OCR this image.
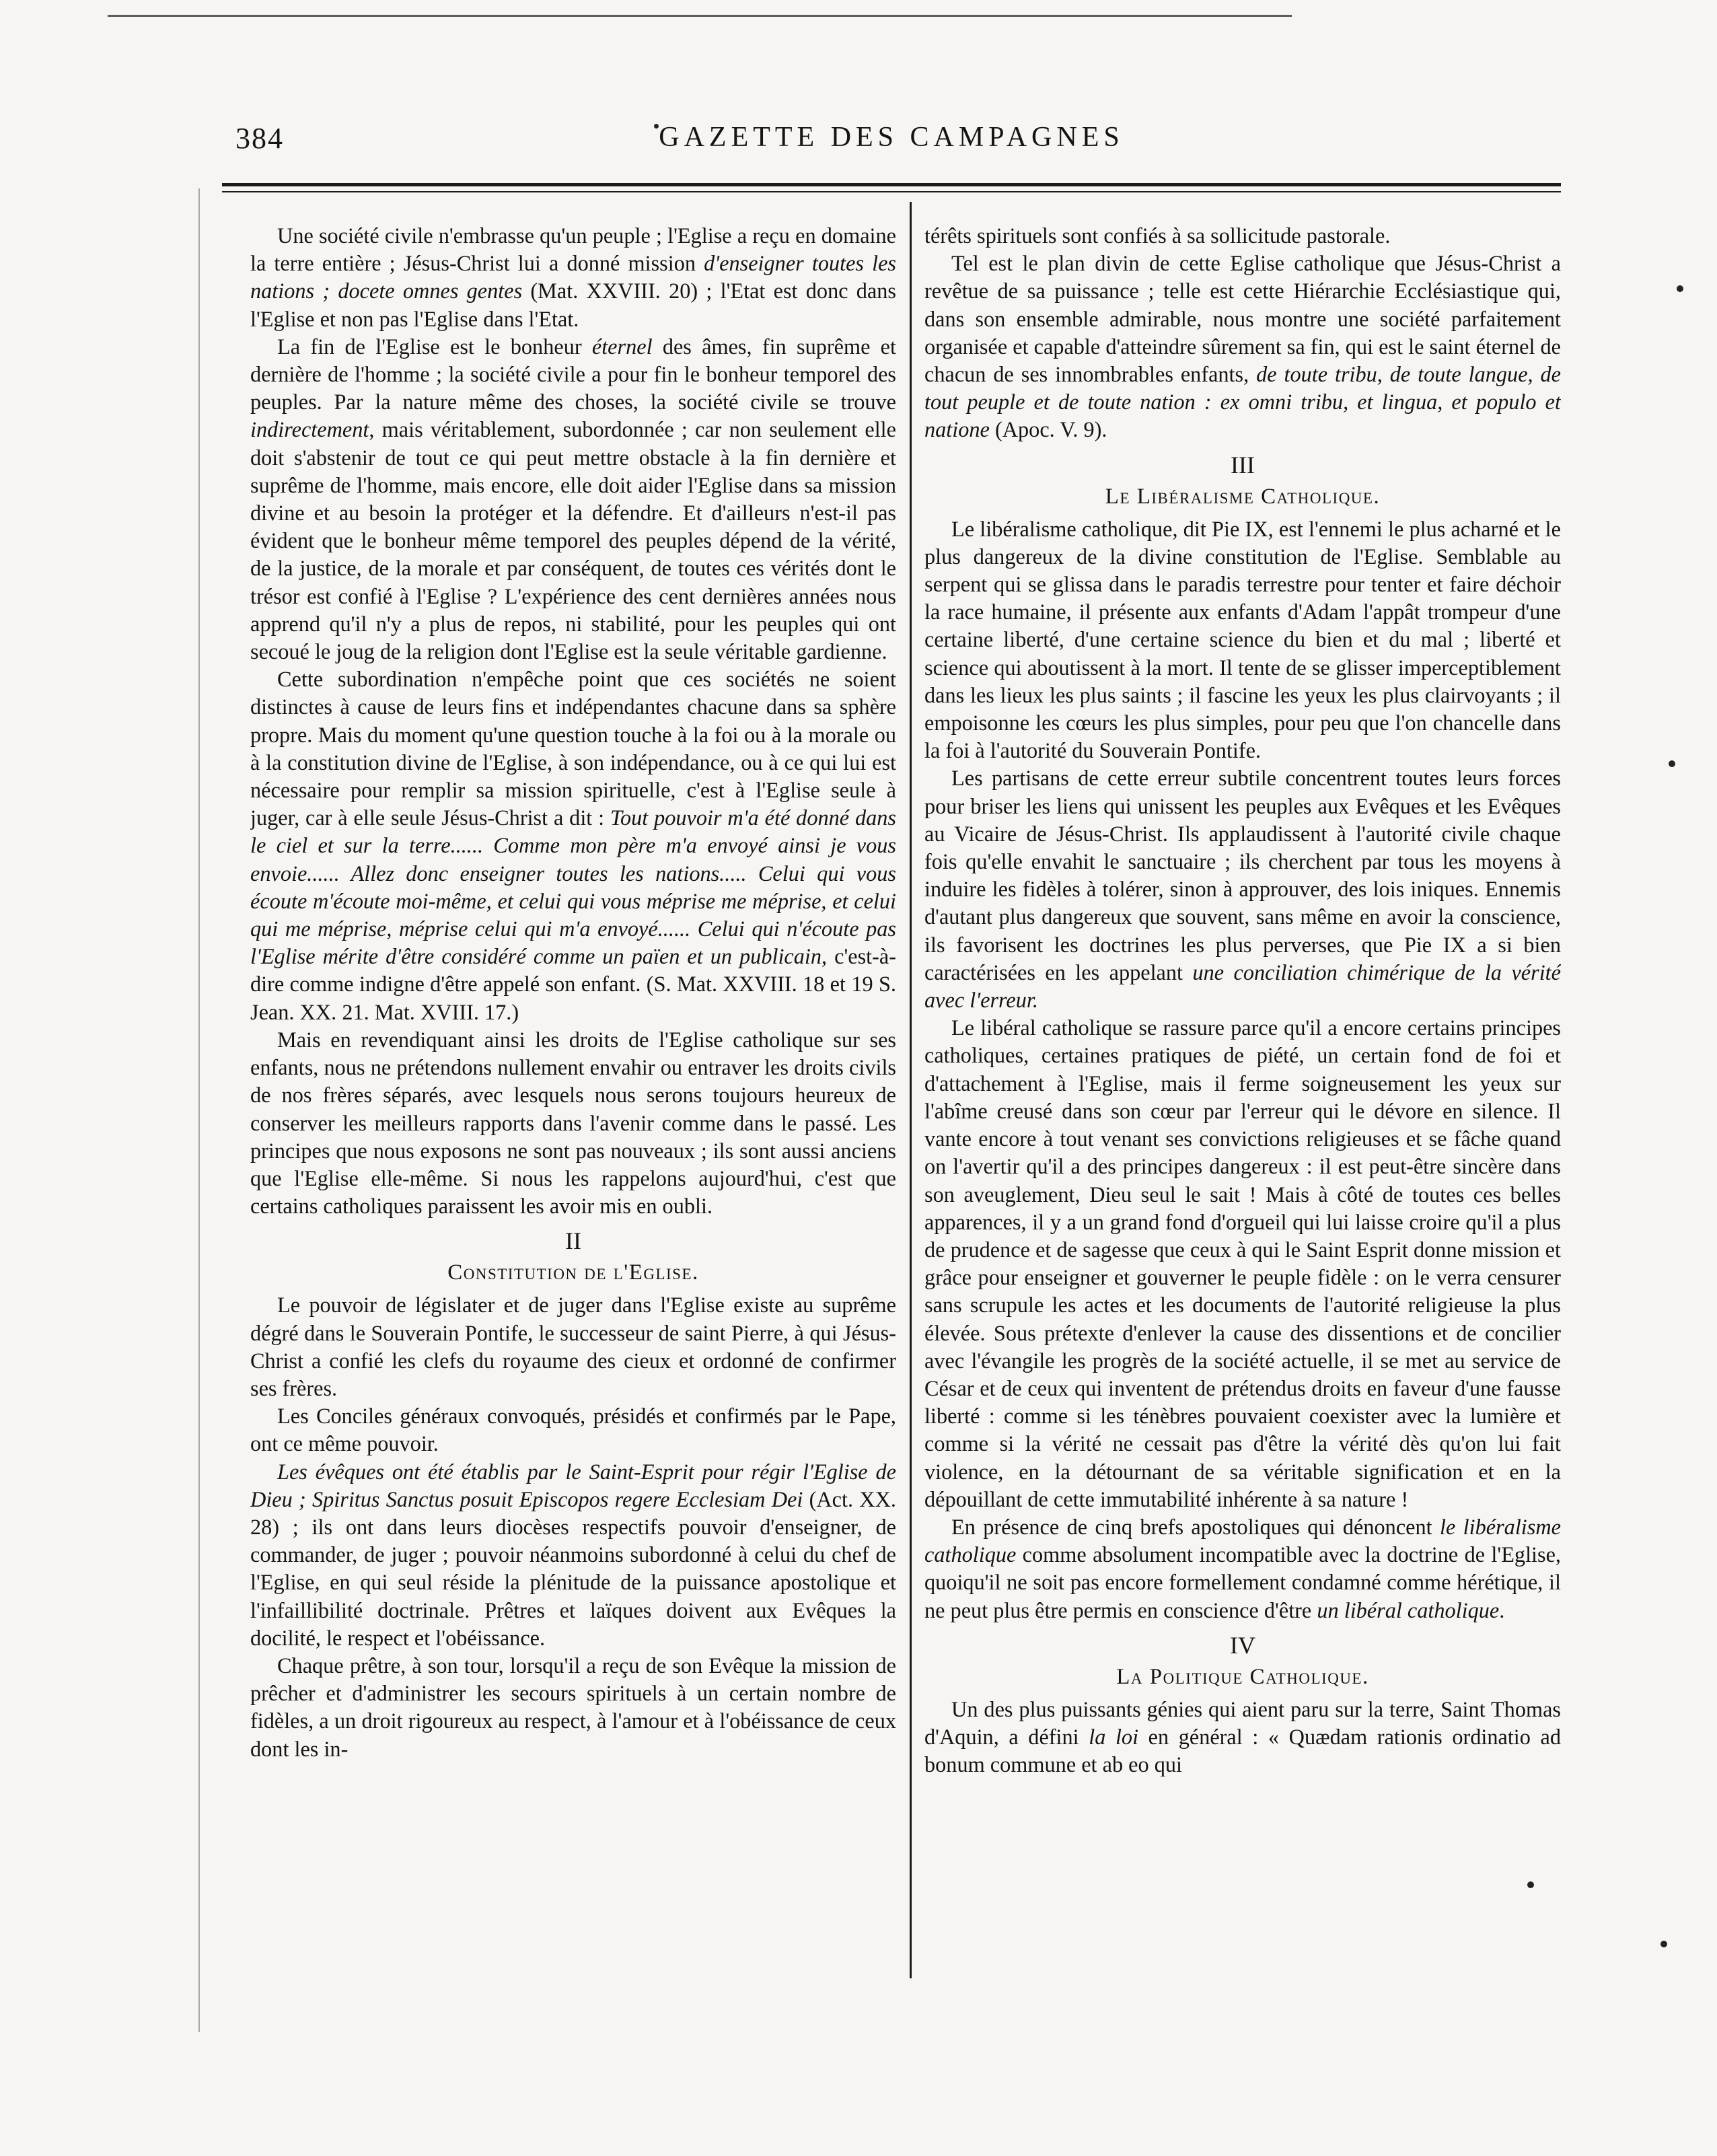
384	GAZETTE DES CAMPAGNES

Une société civile n'embrasse qu'un peuple ; l'Eglise a reçu en domaine la terre entière ; Jésus-Christ lui a donné mission d'enseigner toutes les nations ; docete omnes gentes (Mat. XXVIII. 20) ; l'Etat est donc dans l'Eglise et non pas l'Eglise dans l'Etat.

La fin de l'Eglise est le bonheur éternel des âmes, fin suprême et dernière de l'homme ; la société civile a pour fin le bonheur temporel des peuples. Par la nature même des choses, la société civile se trouve indirectement, mais véritablement, subordonnée ; car non seulement elle doit s'abstenir de tout ce qui peut mettre obstacle à la fin dernière et suprême de l'homme, mais encore, elle doit aider l'Eglise dans sa mission divine et au besoin la protéger et la défendre. Et d'ailleurs n'est-il pas évident que le bonheur même temporel des peuples dépend de la vérité, de la justice, de la morale et par conséquent, de toutes ces vérités dont le trésor est confié à l'Eglise ? L'expérience des cent dernières années nous apprend qu'il n'y a plus de repos, ni stabilité, pour les peuples qui ont secoué le joug de la religion dont l'Eglise est la seule véritable gardienne.

Cette subordination n'empêche point que ces sociétés ne soient distinctes à cause de leurs fins et indépendantes chacune dans sa sphère propre. Mais du moment qu'une question touche à la foi ou à la morale ou à la constitution divine de l'Eglise, à son indépendance, ou à ce qui lui est nécessaire pour remplir sa mission spirituelle, c'est à l'Eglise seule à juger, car à elle seule Jésus-Christ a dit : Tout pouvoir m'a été donné dans le ciel et sur la terre...... Comme mon père m'a envoyé ainsi je vous envoie...... Allez donc enseigner toutes les nations..... Celui qui vous écoute m'écoute moi-même, et celui qui vous méprise me méprise, et celui qui me méprise, méprise celui qui m'a envoyé...... Celui qui n'écoute pas l'Eglise mérite d'être considéré comme un païen et un publicain, c'est-à-dire comme indigne d'être appelé son enfant. (S. Mat. XXVIII. 18 et 19 S. Jean. XX. 21. Mat. XVIII. 17.)

Mais en revendiquant ainsi les droits de l'Eglise catholique sur ses enfants, nous ne prétendons nullement envahir ou entraver les droits civils de nos frères séparés, avec lesquels nous serons toujours heureux de conserver les meilleurs rapports dans l'avenir comme dans le passé. Les principes que nous exposons ne sont pas nouveaux ; ils sont aussi anciens que l'Eglise elle-même. Si nous les rappelons aujourd'hui, c'est que certains catholiques paraissent les avoir mis en oubli.

II
Constitution de l'Eglise.

Le pouvoir de législater et de juger dans l'Eglise existe au suprême dégré dans le Souverain Pontife, le successeur de saint Pierre, à qui Jésus-Christ a confié les clefs du royaume des cieux et ordonné de confirmer ses frères.

Les Conciles généraux convoqués, présidés et confirmés par le Pape, ont ce même pouvoir.

Les évêques ont été établis par le Saint-Esprit pour régir l'Eglise de Dieu ; Spiritus Sanctus posuit Episcopos regere Ecclesiam Dei (Act. XX. 28) ; ils ont dans leurs diocèses respectifs pouvoir d'enseigner, de commander, de juger ; pouvoir néanmoins subordonné à celui du chef de l'Eglise, en qui seul réside la plénitude de la puissance apostolique et l'infaillibilité doctrinale. Prêtres et laïques doivent aux Evêques la docilité, le respect et l'obéissance.

Chaque prêtre, à son tour, lorsqu'il a reçu de son Evêque la mission de prêcher et d'administrer les secours spirituels à un certain nombre de fidèles, a un droit rigoureux au respect, à l'amour et à l'obéissance de ceux dont les in-

térêts spirituels sont confiés à sa sollicitude pastorale.

Tel est le plan divin de cette Eglise catholique que Jésus-Christ a revêtue de sa puissance ; telle est cette Hiérarchie Ecclésiastique qui, dans son ensemble admirable, nous montre une société parfaitement organisée et capable d'atteindre sûrement sa fin, qui est le saint éternel de chacun de ses innombrables enfants, de toute tribu, de toute langue, de tout peuple et de toute nation : ex omni tribu, et lingua, et populo et natione (Apoc. V. 9).

III
Le Libéralisme Catholique.

Le libéralisme catholique, dit Pie IX, est l'ennemi le plus acharné et le plus dangereux de la divine constitution de l'Eglise. Semblable au serpent qui se glissa dans le paradis terrestre pour tenter et faire déchoir la race humaine, il présente aux enfants d'Adam l'appât trompeur d'une certaine liberté, d'une certaine science du bien et du mal ; liberté et science qui aboutissent à la mort. Il tente de se glisser imperceptiblement dans les lieux les plus saints ; il fascine les yeux les plus clairvoyants ; il empoisonne les cœurs les plus simples, pour peu que l'on chancelle dans la foi à l'autorité du Souverain Pontife.

Les partisans de cette erreur subtile concentrent toutes leurs forces pour briser les liens qui unissent les peuples aux Evêques et les Evêques au Vicaire de Jésus-Christ. Ils applaudissent à l'autorité civile chaque fois qu'elle envahit le sanctuaire ; ils cherchent par tous les moyens à induire les fidèles à tolérer, sinon à approuver, des lois iniques. Ennemis d'autant plus dangereux que souvent, sans même en avoir la conscience, ils favorisent les doctrines les plus perverses, que Pie IX a si bien caractérisées en les appelant une conciliation chimérique de la vérité avec l'erreur.

Le libéral catholique se rassure parce qu'il a encore certains principes catholiques, certaines pratiques de piété, un certain fond de foi et d'attachement à l'Eglise, mais il ferme soigneusement les yeux sur l'abîme creusé dans son cœur par l'erreur qui le dévore en silence. Il vante encore à tout venant ses convictions religieuses et se fâche quand on l'avertir qu'il a des principes dangereux : il est peut-être sincère dans son aveuglement, Dieu seul le sait ! Mais à côté de toutes ces belles apparences, il y a un grand fond d'orgueil qui lui laisse croire qu'il a plus de prudence et de sagesse que ceux à qui le Saint Esprit donne mission et grâce pour enseigner et gouverner le peuple fidèle : on le verra censurer sans scrupule les actes et les documents de l'autorité religieuse la plus élevée. Sous prétexte d'enlever la cause des dissentions et de concilier avec l'évangile les progrès de la société actuelle, il se met au service de César et de ceux qui inventent de prétendus droits en faveur d'une fausse liberté : comme si les ténèbres pouvaient coexister avec la lumière et comme si la vérité ne cessait pas d'être la vérité dès qu'on lui fait violence, en la détournant de sa véritable signification et en la dépouillant de cette immutabilité inhérente à sa nature !

En présence de cinq brefs apostoliques qui dénoncent le libéralisme catholique comme absolument incompatible avec la doctrine de l'Eglise, quoiqu'il ne soit pas encore formellement condamné comme hérétique, il ne peut plus être permis en conscience d'être un libéral catholique.

IV
La Politique Catholique.

Un des plus puissants génies qui aient paru sur la terre, Saint Thomas d'Aquin, a défini la loi en général : « Quædam rationis ordinatio ad bonum commune et ab eo qui
